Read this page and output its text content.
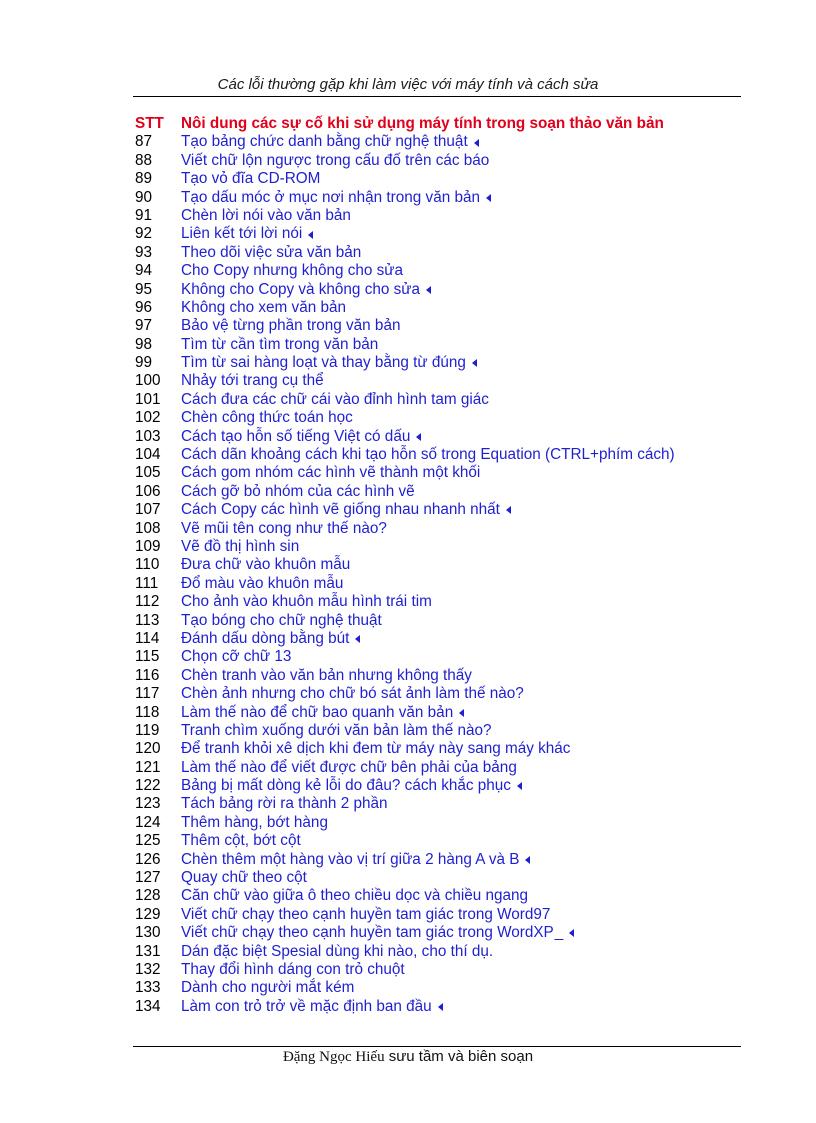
Các lỗi thường gặp khi làm việc với máy tính và cách sửa
STT	Nôi dung các sự cố khi sử dụng máy tính trong soạn thảo văn bản
87	Tạo bảng chức danh bằng chữ nghệ thuật
88	Viết chữ lộn ngược trong cấu đố trên các báo
89	Tạo vỏ đĩa CD-ROM
90	Tạo dấu móc ở mục nơi nhận trong văn bản
91	Chèn lời nói vào văn bản
92	Liên kết tới lời nói
93	Theo dõi việc sửa văn bản
94	Cho Copy nhưng không cho sửa
95	Không cho Copy và không cho sửa
96	Không cho xem văn bản
97	Bảo vệ từng phần trong văn bản
98	Tìm từ cần tìm trong văn bản
99	Tìm từ sai hàng loạt và thay bằng từ đúng
100	Nhảy tới trang cụ thể
101	Cách đưa các chữ cái vào đỉnh hình tam giác
102	Chèn công thức toán học
103	Cách tạo hỗn số tiếng Việt có dấu
104	Cách dãn khoảng cách khi tạo hỗn số trong Equation (CTRL+phím cách)
105	Cách gom nhóm các hình vẽ thành một khối
106	Cách gỡ bỏ nhóm của các hình vẽ
107	Cách Copy các hình vẽ giống nhau nhanh nhất
108	Vẽ mũi tên cong như thế nào?
109	Vẽ đồ thị hình sin
110	Đưa chữ vào khuôn mẫu
111	Đổ màu vào khuôn mẫu
112	Cho ảnh vào khuôn mẫu hình trái tim
113	Tạo bóng cho chữ nghệ thuật
114	Đánh dấu dòng bằng bút
115	Chọn cỡ chữ 13
116	Chèn tranh vào văn bản nhưng không thấy
117	Chèn ảnh nhưng cho chữ bó sát ảnh làm thế nào?
118	Làm thế nào để chữ bao quanh văn bản
119	Tranh chìm xuống dưới văn bản làm thế nào?
120	Để tranh khỏi xê dịch khi đem từ máy này sang máy khác
121	Làm thế nào để viết được chữ bên phải của bảng
122	Bảng bị mất dòng kẻ lỗi do đâu? cách khắc phục
123	Tách bảng rời ra thành 2 phần
124	Thêm hàng, bớt hàng
125	Thêm cột, bớt cột
126	Chèn thêm một hàng vào vị trí giữa 2 hàng A và B
127	Quay chữ theo cột
128	Căn chữ vào giữa ô theo chiều dọc và chiều ngang
129	Viết chữ chạy theo cạnh huyền tam giác trong Word97
130	Viết chữ chạy theo cạnh huyền tam giác trong WordXP _
131	Dán đặc biệt Spesial dùng khi nào, cho thí dụ.
132	Thay đổi hình dáng con trỏ chuột
133	Dành cho người mắt kém
134	Làm con trỏ trở về mặc định ban đầu
Đặng Ngọc Hiếu sưu tầm và biên soạn
